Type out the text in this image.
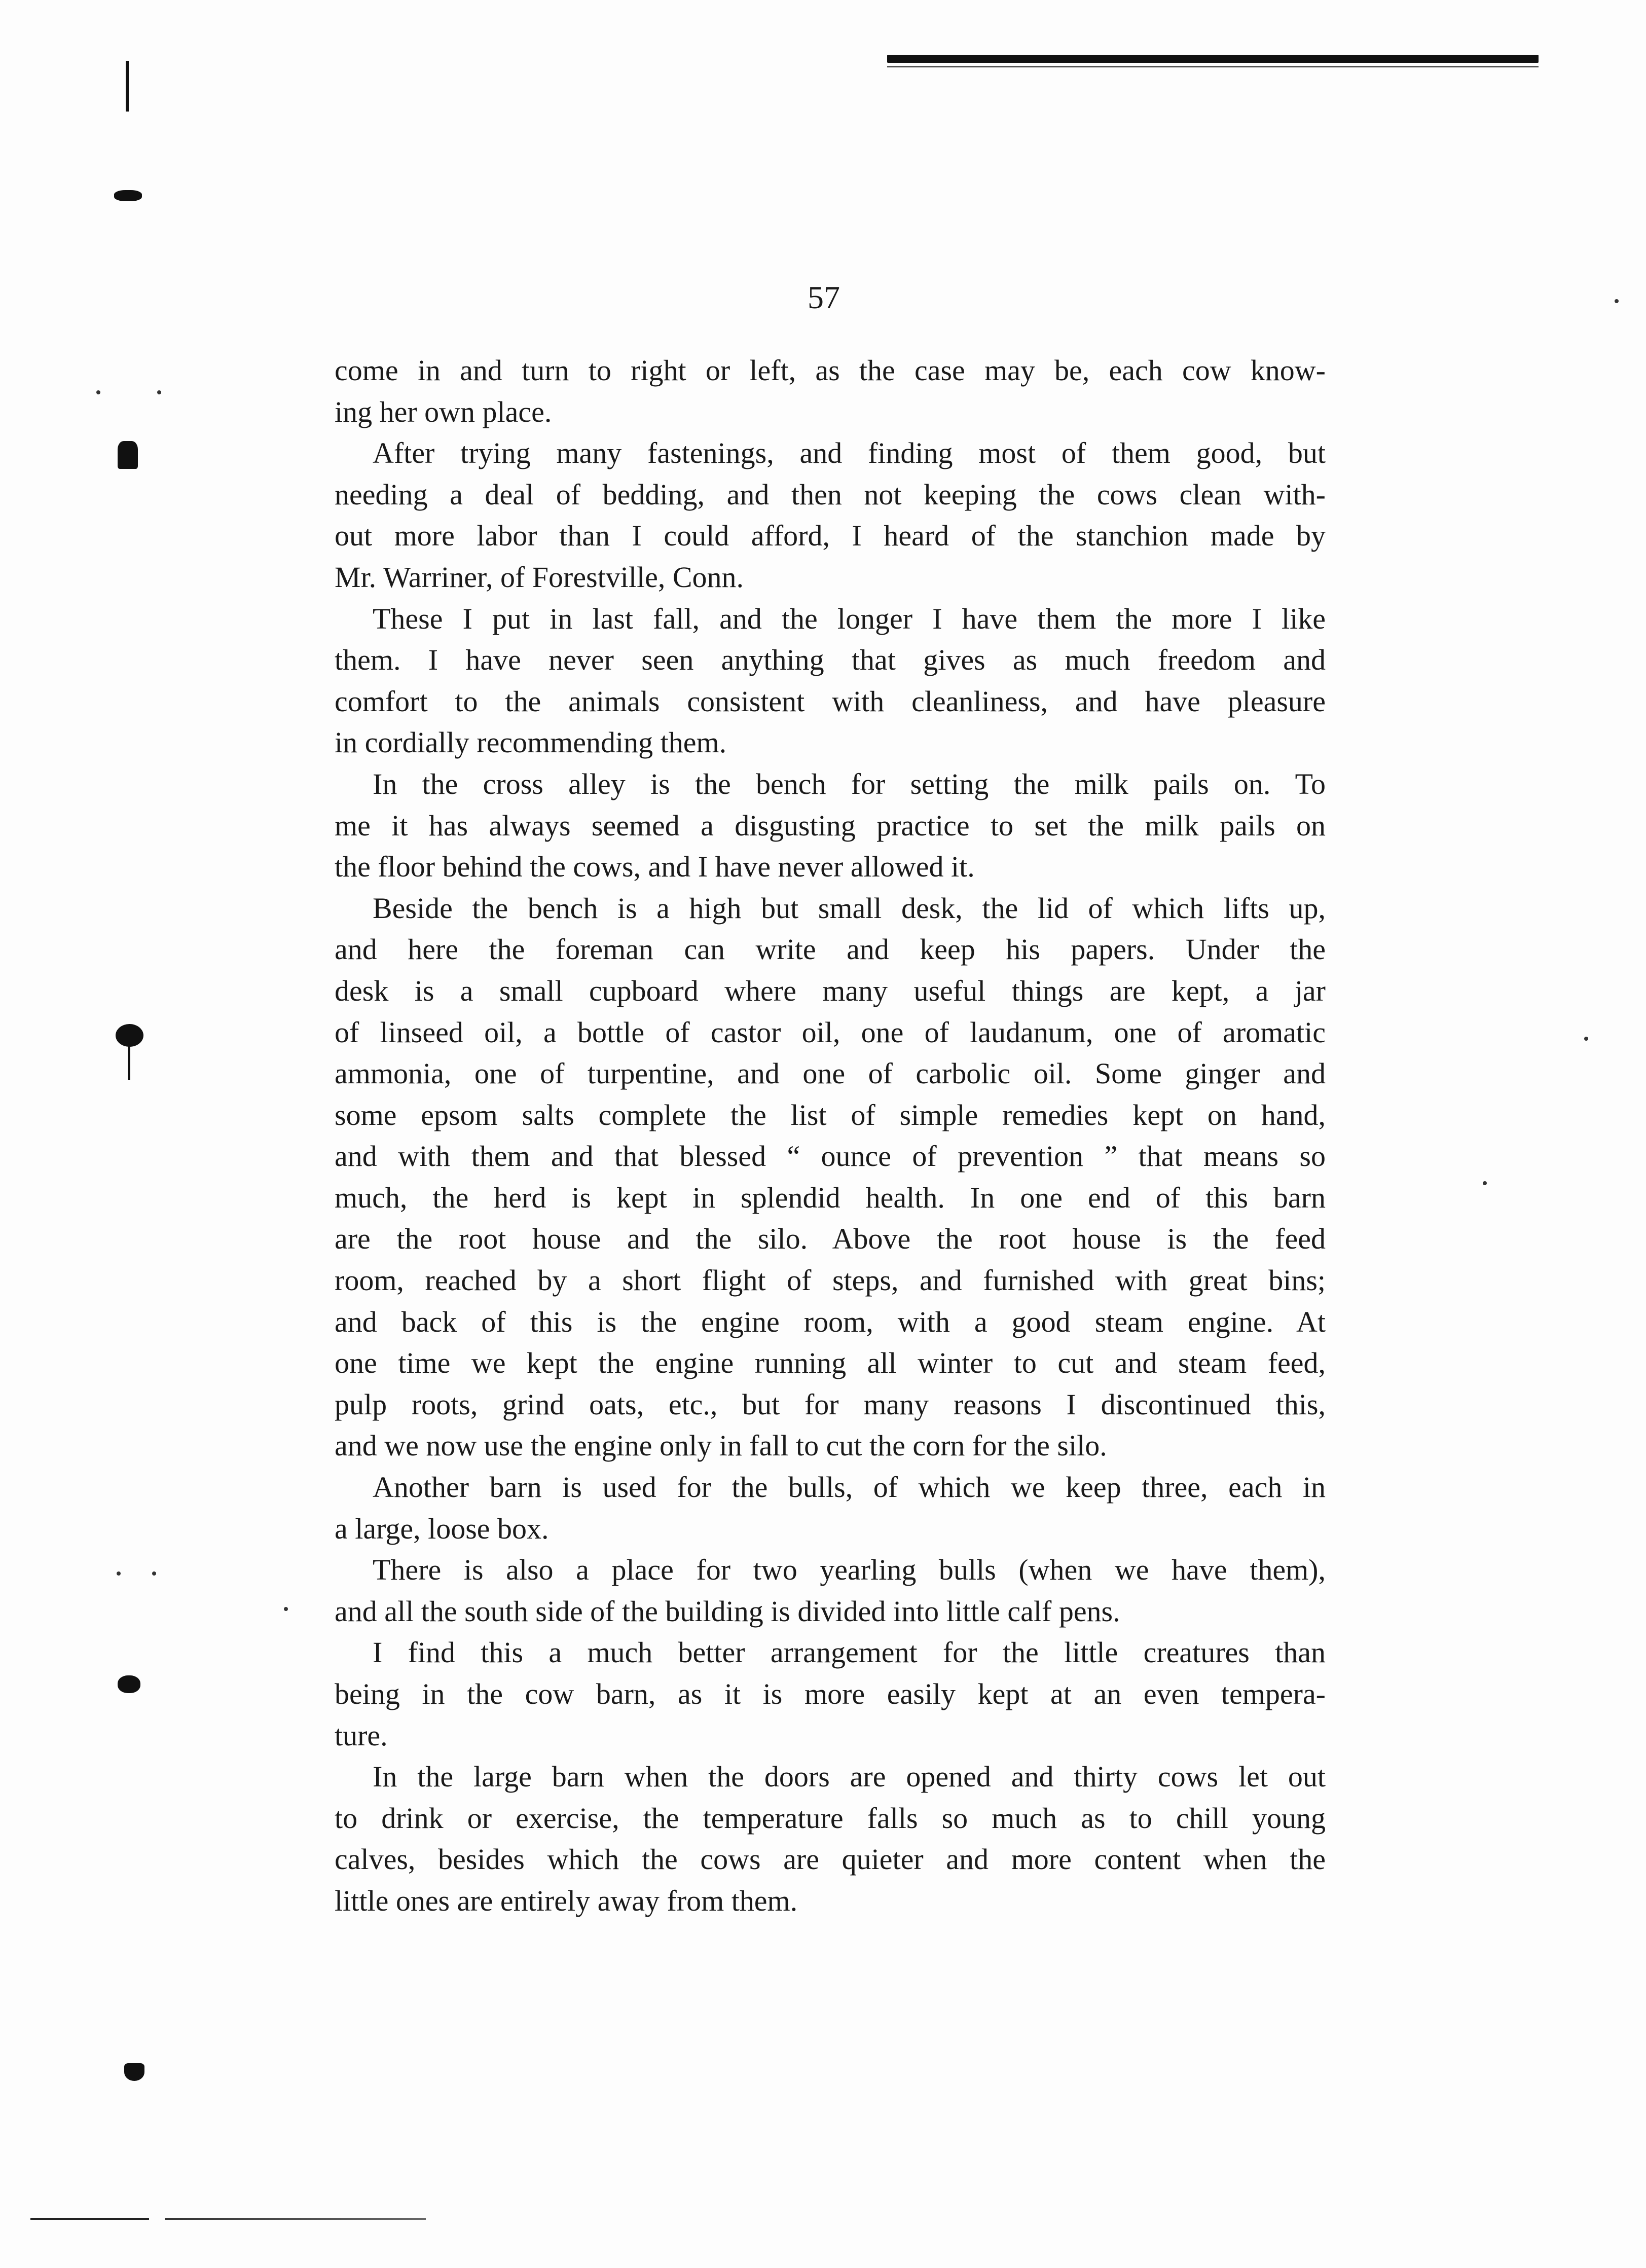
57
come in and turn to right or left, as the case may be, each cow know-
ing her own place.
After trying many fastenings, and finding most of them good, but
needing a deal of bedding, and then not keeping the cows clean with-
out more labor than I could afford, I heard of the stanchion made by
Mr. Warriner, of Forestville, Conn.
These I put in last fall, and the longer I have them the more I like
them. I have never seen anything that gives as much freedom and
comfort to the animals consistent with cleanliness, and have pleasure
in cordially recommending them.
In the cross alley is the bench for setting the milk pails on. To
me it has always seemed a disgusting practice to set the milk pails on
the floor behind the cows, and I have never allowed it.
Beside the bench is a high but small desk, the lid of which lifts up,
and here the foreman can write and keep his papers. Under the
desk is a small cupboard where many useful things are kept, a jar
of linseed oil, a bottle of castor oil, one of laudanum, one of aromatic
ammonia, one of turpentine, and one of carbolic oil. Some ginger and
some epsom salts complete the list of simple remedies kept on hand,
and with them and that blessed “ ounce of prevention ” that means so
much, the herd is kept in splendid health. In one end of this barn
are the root house and the silo. Above the root house is the feed
room, reached by a short flight of steps, and furnished with great bins;
and back of this is the engine room, with a good steam engine. At
one time we kept the engine running all winter to cut and steam feed,
pulp roots, grind oats, etc., but for many reasons I discontinued this,
and we now use the engine only in fall to cut the corn for the silo.
Another barn is used for the bulls, of which we keep three, each in
a large, loose box.
There is also a place for two yearling bulls (when we have them),
and all the south side of the building is divided into little calf pens.
I find this a much better arrangement for the little creatures than
being in the cow barn, as it is more easily kept at an even tempera-
ture.
In the large barn when the doors are opened and thirty cows let out
to drink or exercise, the temperature falls so much as to chill young
calves, besides which the cows are quieter and more content when the
little ones are entirely away from them.
